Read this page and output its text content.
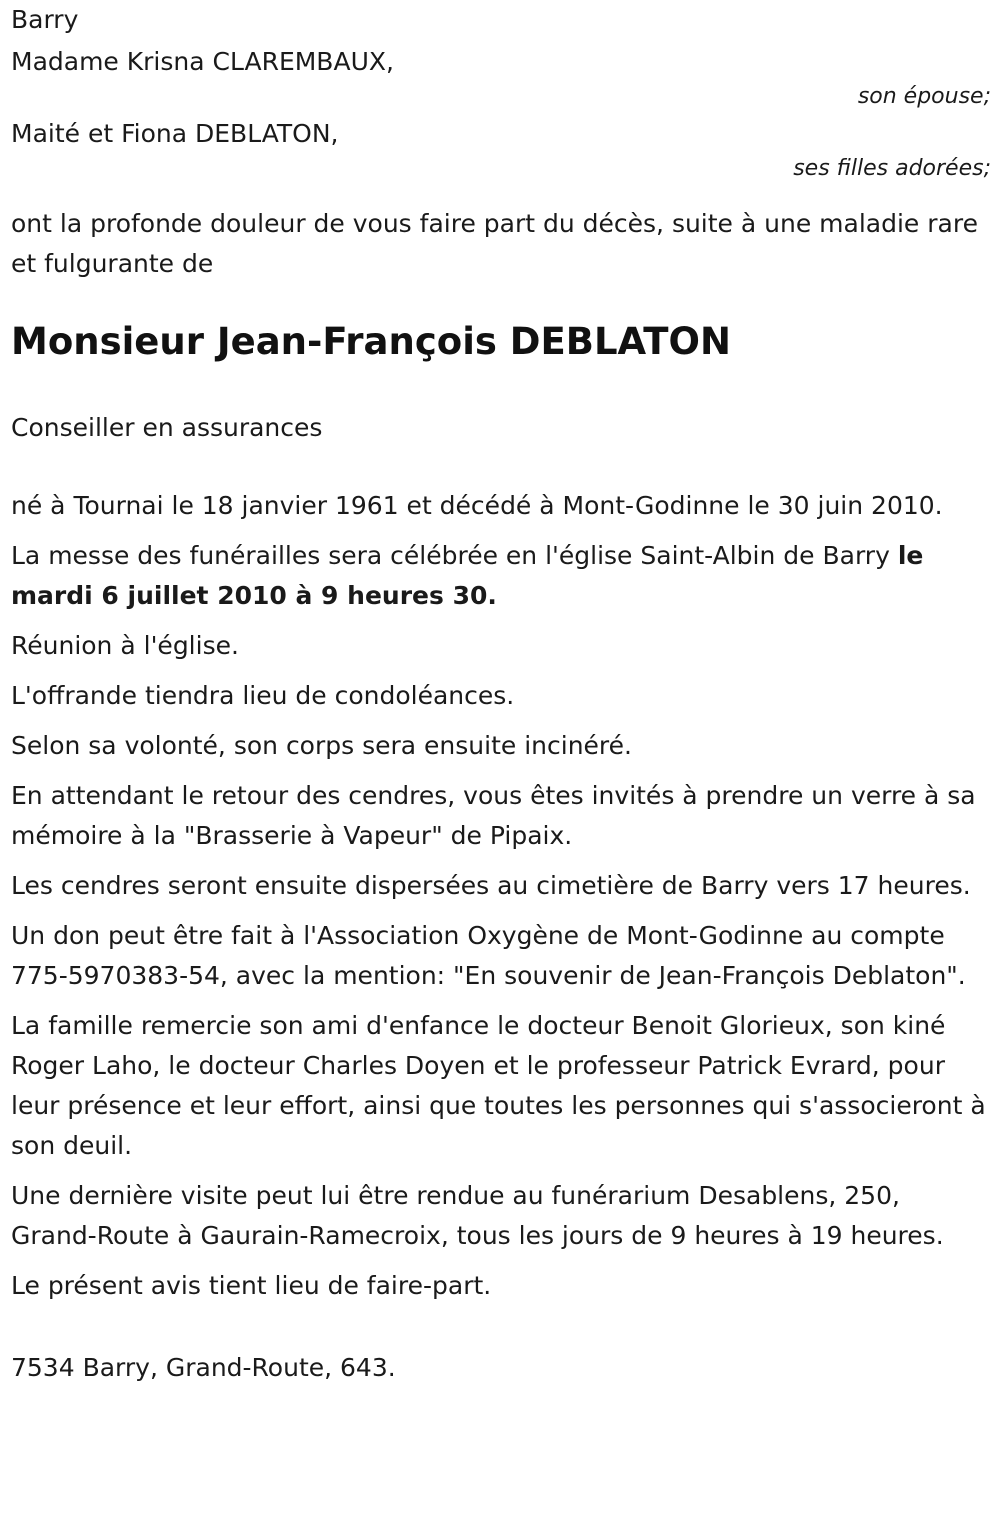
Barry

Madame Krisna CLAREMBAUX,

son épouse;

Maité et Fiona DEBLATON,

ses filles adorées;

ont la profonde douleur de vous faire part du décès, suite à une maladie rare et fulgurante de

Monsieur Jean-François DEBLATON

Conseiller en assurances

né à Tournai le 18 janvier 1961 et décédé à Mont-Godinne le 30 juin 2010.

La messe des funérailles sera célébrée en l'église Saint-Albin de Barry le mardi 6 juillet 2010 à 9 heures 30.

Réunion à l'église.

L'offrande tiendra lieu de condoléances.

Selon sa volonté, son corps sera ensuite incinéré.

En attendant le retour des cendres, vous êtes invités à prendre un verre à sa mémoire à la "Brasserie à Vapeur" de Pipaix.

Les cendres seront ensuite dispersées au cimetière de Barry vers 17 heures.

Un don peut être fait à l'Association Oxygène de Mont-Godinne au compte 775-5970383-54, avec la mention: "En souvenir de Jean-François Deblaton".

La famille remercie son ami d'enfance le docteur Benoit Glorieux, son kiné Roger Laho, le docteur Charles Doyen et le professeur Patrick Evrard, pour leur présence et leur effort, ainsi que toutes les personnes qui s'associeront à son deuil.

Une dernière visite peut lui être rendue au funérarium Desablens, 250, Grand-Route à Gaurain-Ramecroix, tous les jours de 9 heures à 19 heures.

Le présent avis tient lieu de faire-part.

7534 Barry, Grand-Route, 643.
